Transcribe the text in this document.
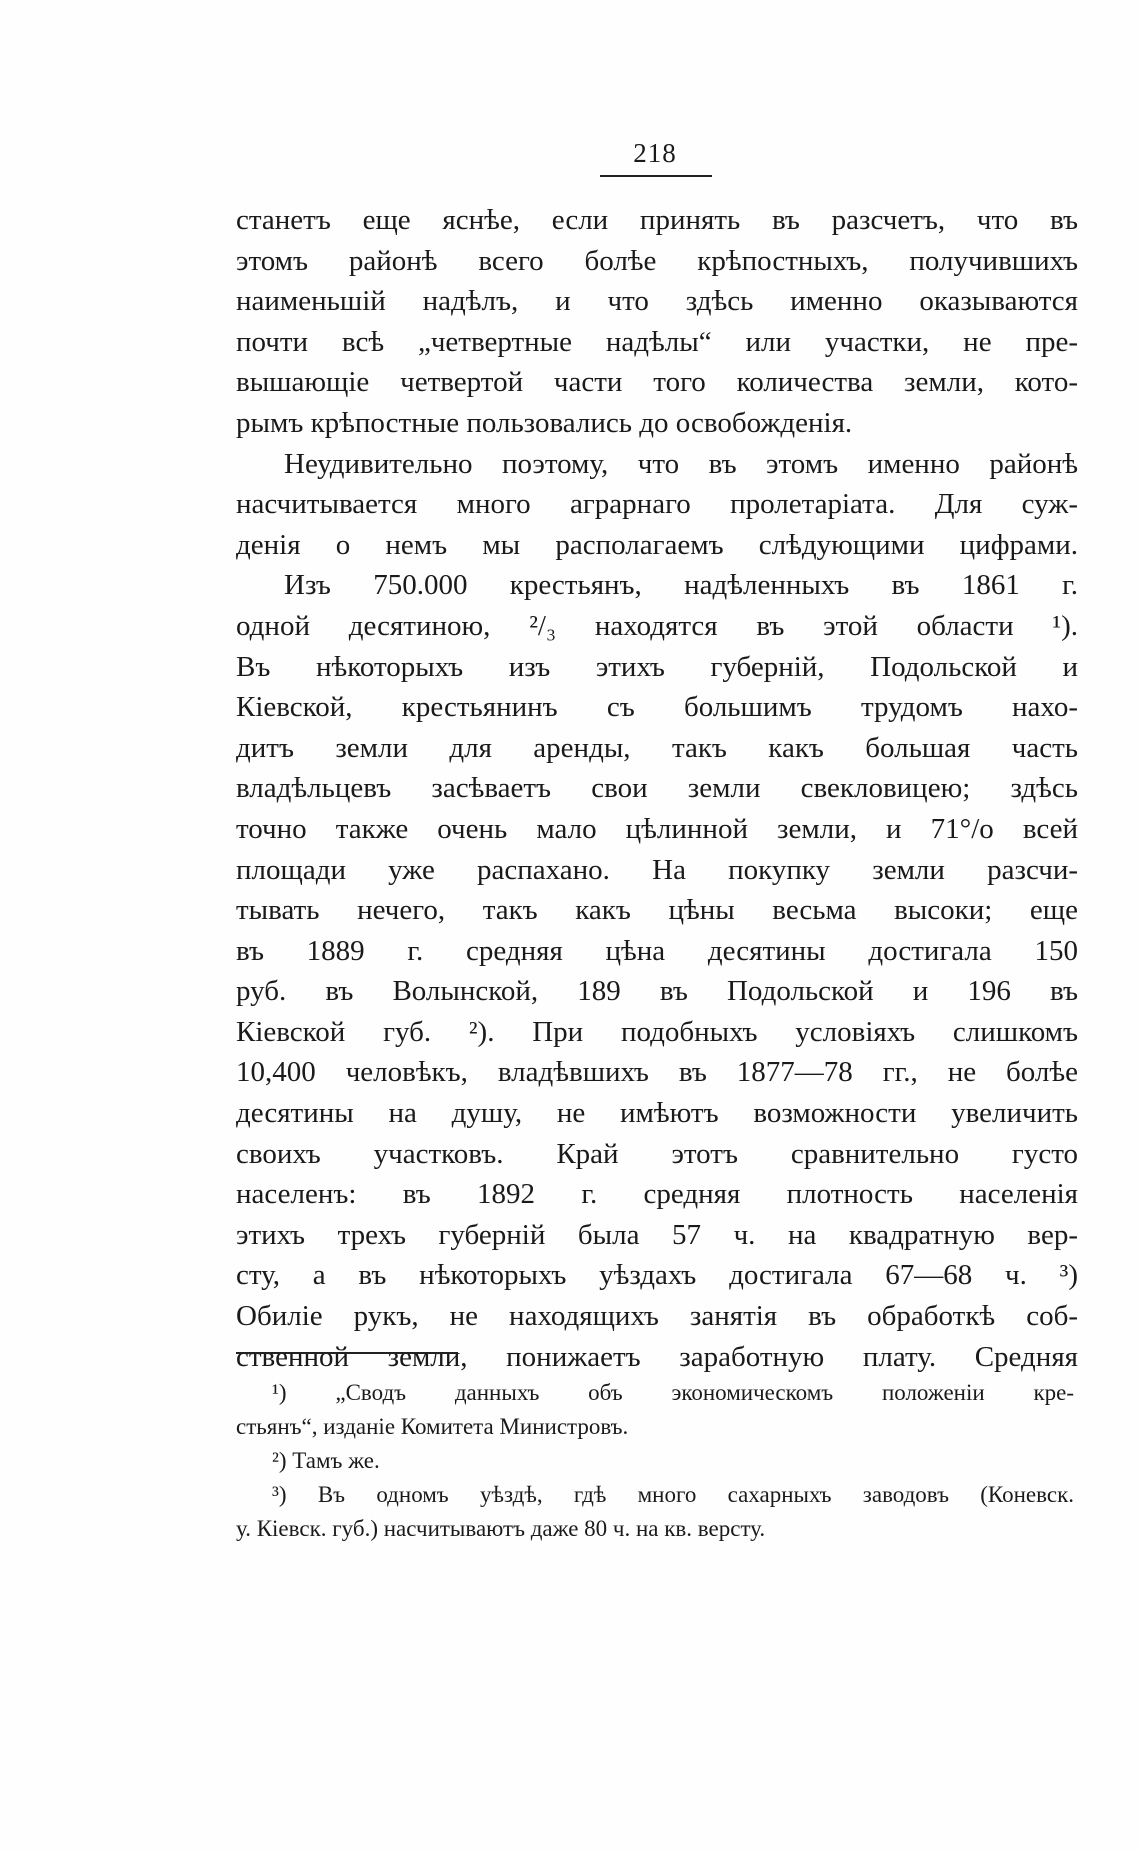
218
станетъ еще яснѣе, если принять въ разсчетъ, что въ
этомъ районѣ всего болѣе крѣпостныхъ, получившихъ
наименьшій надѣлъ, и что здѣсь именно оказываются
почти всѣ „четвертные надѣлы“ или участки, не пре-
вышающіе четвертой части того количества земли, кото-
рымъ крѣпостные пользовались до освобожденія.
Неудивительно поэтому, что въ этомъ именно районѣ
насчитывается много аграрнаго пролетаріата. Для суж-
денія о немъ мы располагаемъ слѣдующими цифрами.
Изъ 750.000 крестьянъ, надѣленныхъ въ 1861 г.
одной десятиною, ²/₃ находятся въ этой области ¹).
Въ нѣкоторыхъ изъ этихъ губерній, Подольской и
Кіевской, крестьянинъ съ большимъ трудомъ нахо-
дитъ земли для аренды, такъ какъ большая часть
владѣльцевъ засѣваетъ свои земли свекловицею; здѣсь
точно также очень мало цѣлинной земли, и 71°/о всей
площади уже распахано. На покупку земли разсчи-
тывать нечего, такъ какъ цѣны весьма высоки; еще
въ 1889 г. средняя цѣна десятины достигала 150
руб. въ Волынской, 189 въ Подольской и 196 въ
Кіевской губ. ²). При подобныхъ условіяхъ слишкомъ
10,400 человѣкъ, владѣвшихъ въ 1877—78 гг., не болѣе
десятины на душу, не имѣютъ возможности увеличить
своихъ участковъ. Край этотъ сравнительно густо
населенъ: въ 1892 г. средняя плотность населенія
этихъ трехъ губерній была 57 ч. на квадратную вер-
сту, а въ нѣкоторыхъ уѣздахъ достигала 67—68 ч. ³)
Обиліе рукъ, не находящихъ занятія въ обработкѣ соб-
ственной земли, понижаетъ заработную плату. Средняя
¹) „Сводъ данныхъ объ экономическомъ положеніи кре-
стьянъ“, изданіе Комитета Министровъ.
²) Тамъ же.
³) Въ одномъ уѣздѣ, гдѣ много сахарныхъ заводовъ (Коневск.
у. Кіевск. губ.) насчитываютъ даже 80 ч. на кв. версту.
